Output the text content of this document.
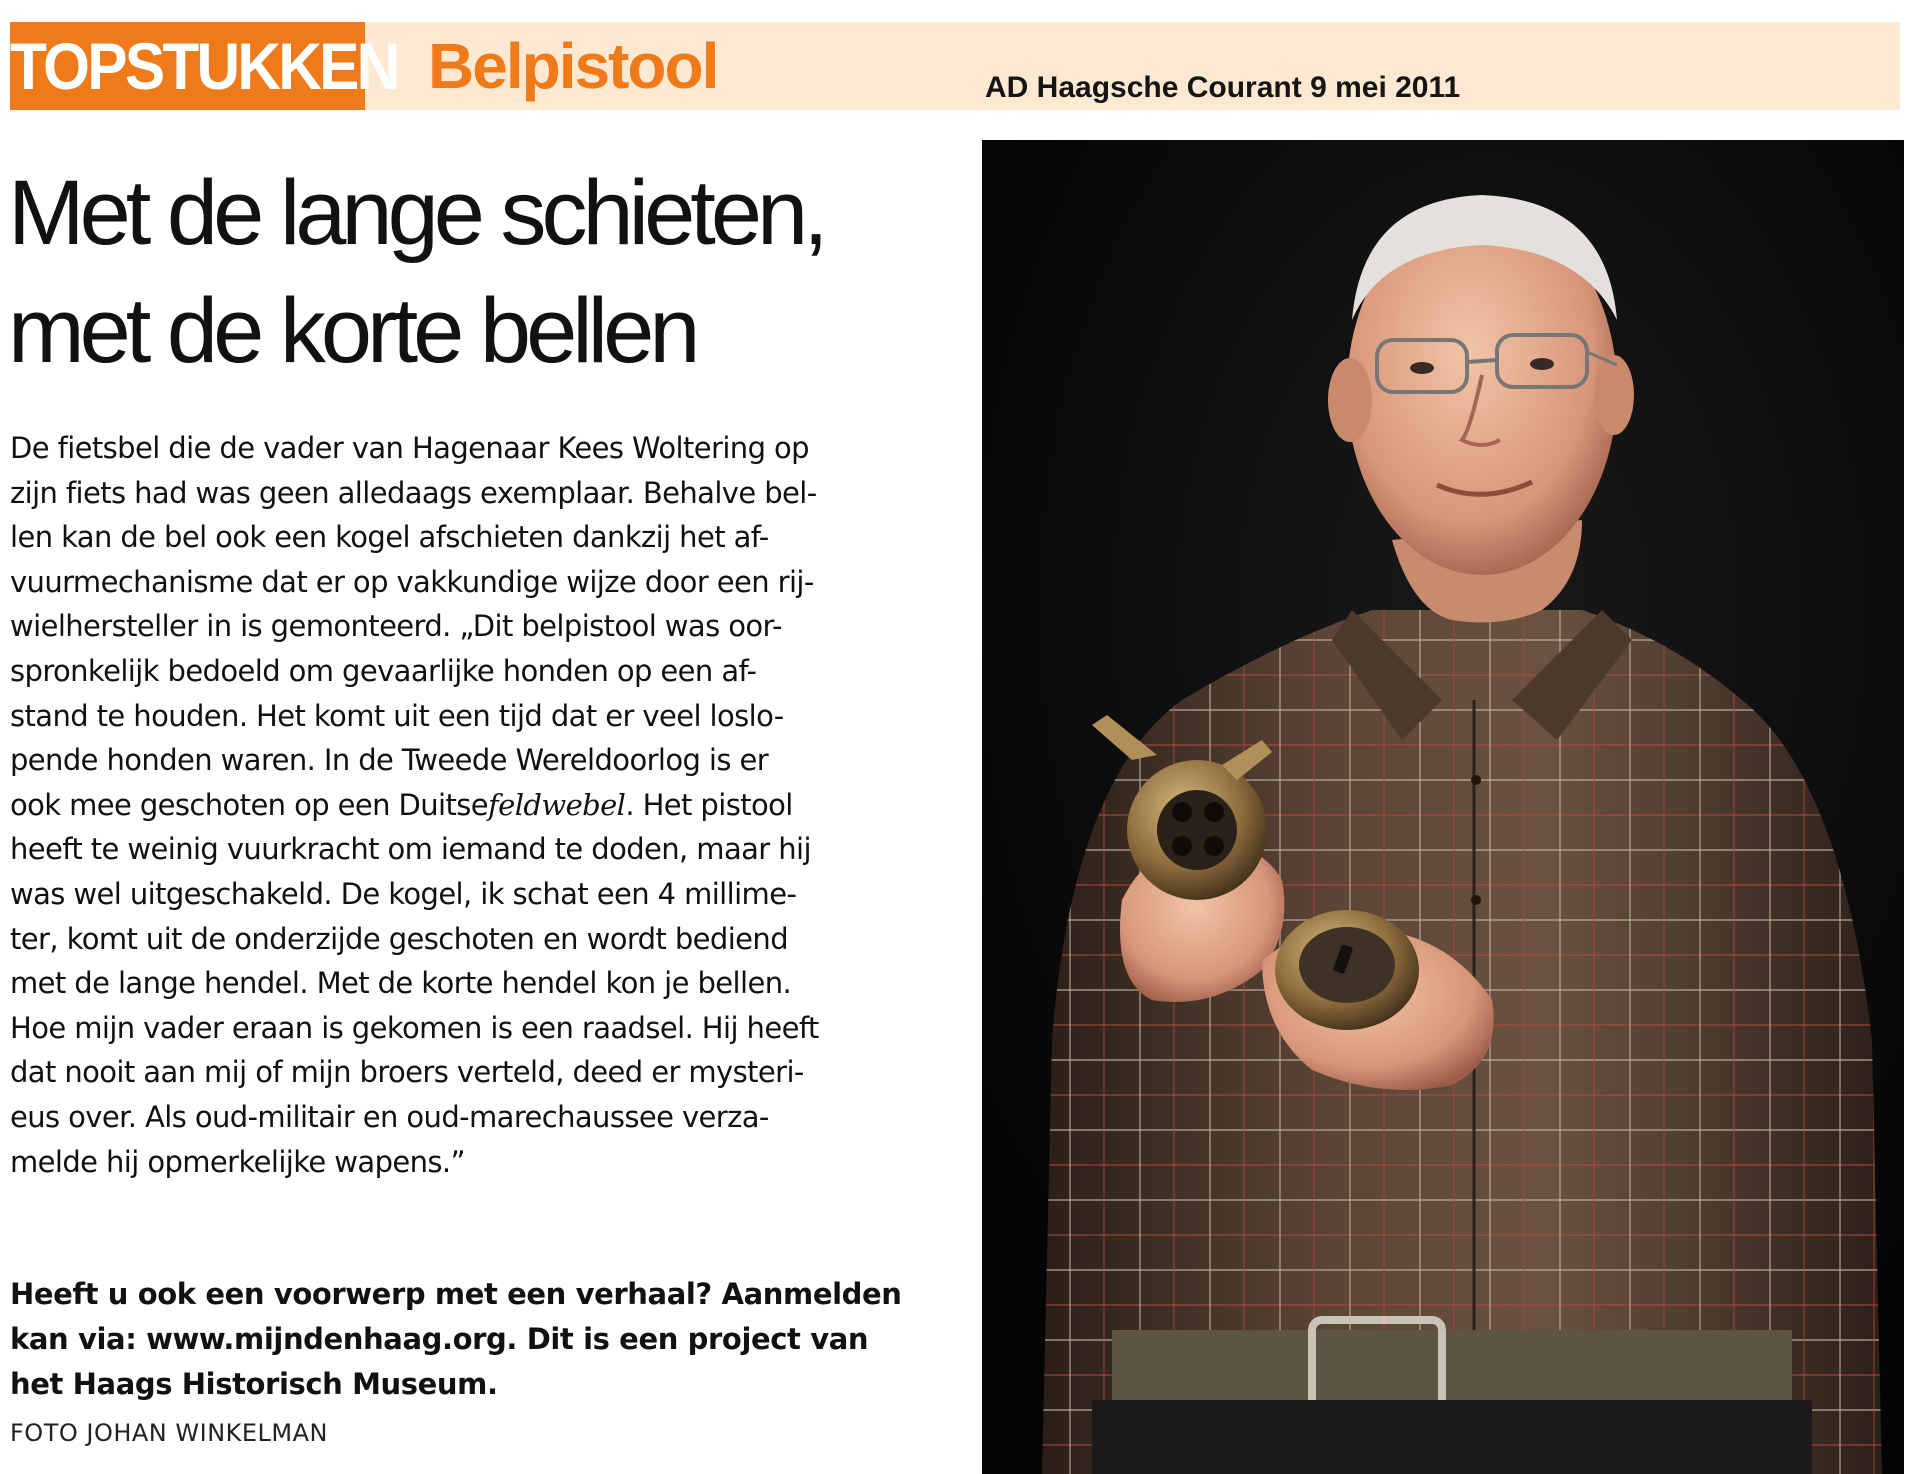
TOPSTUKKEN Belpistool	AD Haagsche Courant 9 mei 2011
Met de lange schieten,
met de korte bellen
De fietsbel die de vader van Hagenaar Kees Woltering op
zijn fiets had was geen alledaags exemplaar. Behalve bel-
len kan de bel ook een kogel afschieten dankzij het af-
vuurmechanisme dat er op vakkundige wijze door een rij-
wielhersteller in is gemonteerd. „Dit belpistool was oor-
spronkelijk bedoeld om gevaarlijke honden op een af-
stand te houden. Het komt uit een tijd dat er veel loslo-
pende honden waren. In de Tweede Wereldoorlog is er
ook mee geschoten op een Duitsefeldwebel. Het pistool
heeft te weinig vuurkracht om iemand te doden, maar hij
was wel uitgeschakeld. De kogel, ik schat een 4 millime-
ter, komt uit de onderzijde geschoten en wordt bediend
met de lange hendel. Met de korte hendel kon je bellen.
Hoe mijn vader eraan is gekomen is een raadsel. Hij heeft
dat nooit aan mij of mijn broers verteld, deed er mysteri-
eus over. Als oud-militair en oud-marechaussee verza-
melde hij opmerkelijke wapens.”
Heeft u ook een voorwerp met een verhaal? Aanmelden
kan via: www.mijndenhaag.org. Dit is een project van
het Haags Historisch Museum.
FOTO JOHAN WINKELMAN
